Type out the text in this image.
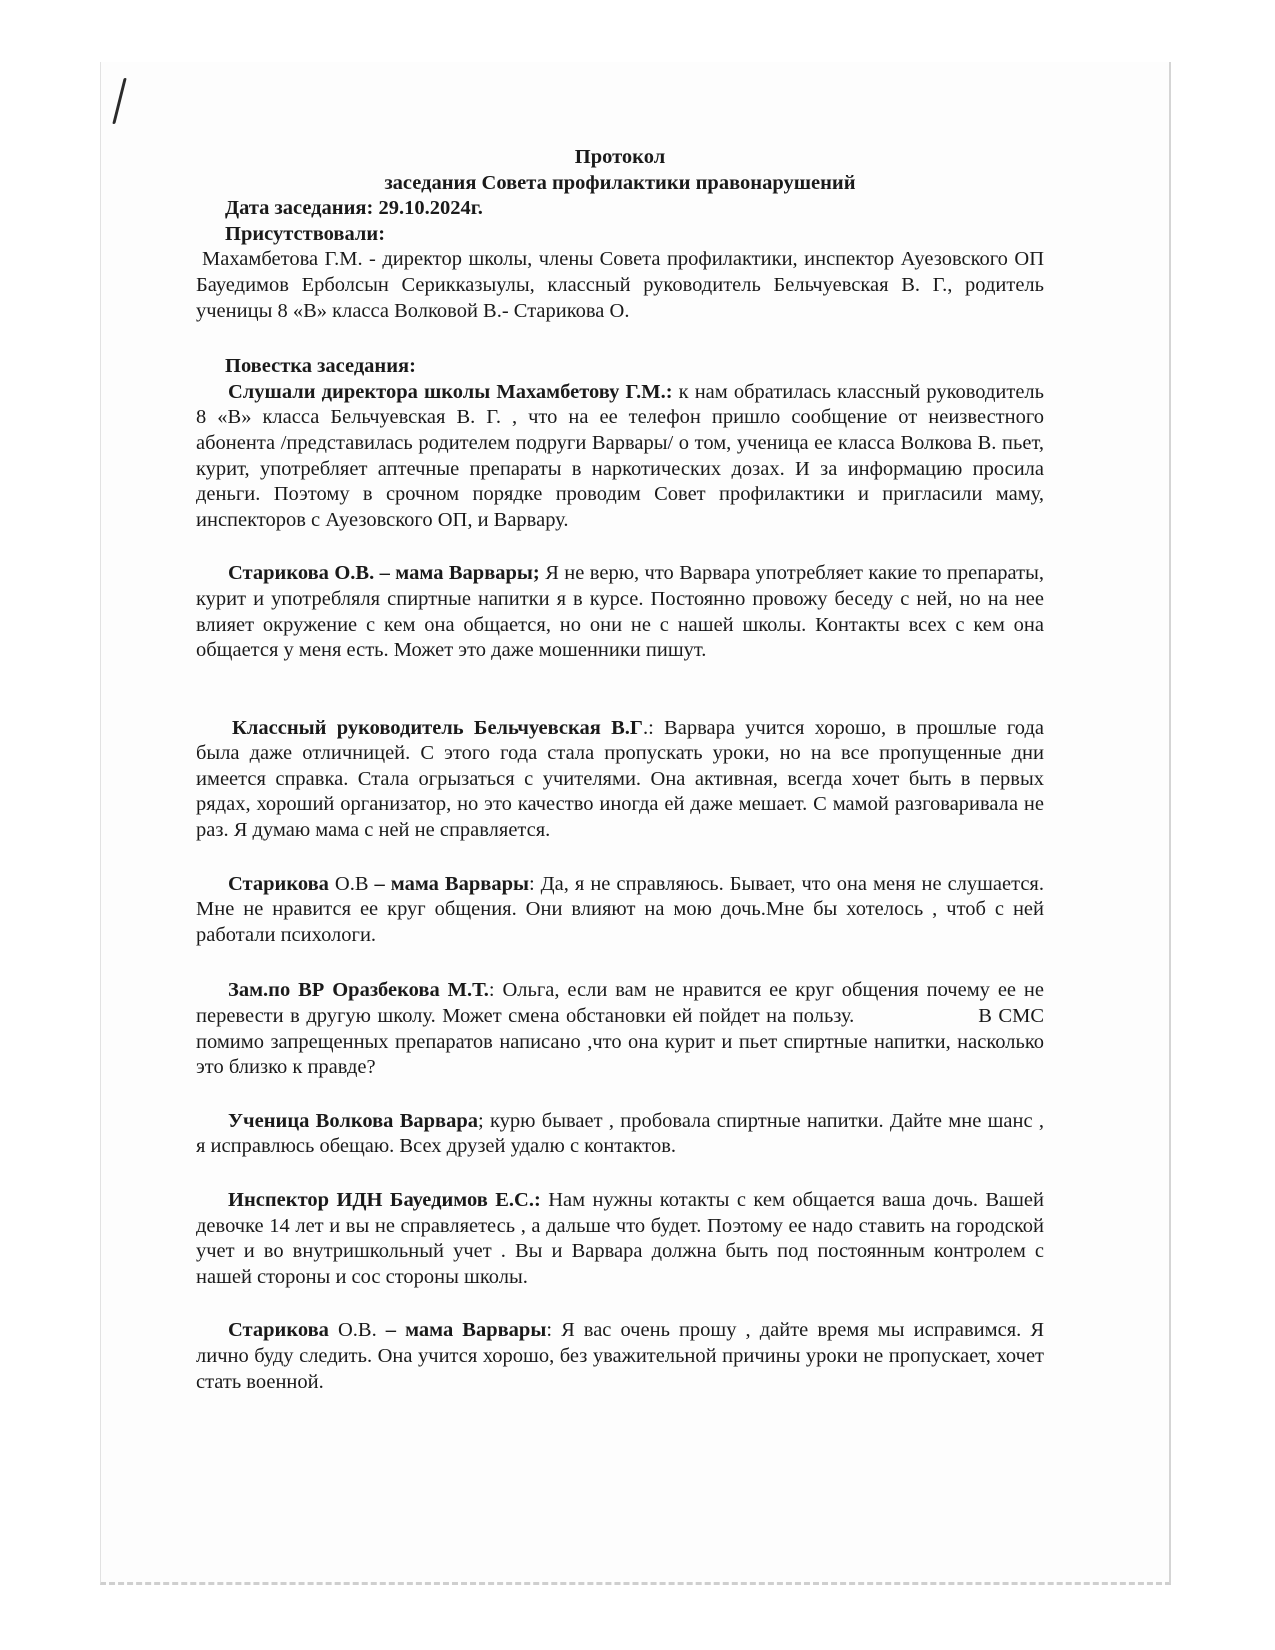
Протокол
заседания Совета профилактики правонарушений
Дата заседания: 29.10.2024г.
Присутствовали:
Махамбетова Г.М. - директор школы, члены Совета профилактики, инспектор Ауезовского ОП Бауедимов Ерболсын Серикказыулы, классный руководитель Бельчуевская В. Г., родитель ученицы 8 «В» класса Волковой В.- Старикова О.
Повестка заседания:
Слушали директора школы Махамбетову Г.М.: к нам обратилась классный руководитель 8 «В» класса Бельчуевская В. Г. , что на ее телефон пришло сообщение от неизвестного абонента /представилась родителем подруги Варвары/ о том, ученица ее класса Волкова В. пьет, курит, употребляет аптечные препараты в наркотических дозах. И за информацию просила деньги. Поэтому в срочном порядке проводим Совет профилактики и пригласили маму, инспекторов с Ауезовского ОП, и Варвару.
Старикова О.В. – мама Варвары; Я не верю, что Варвара употребляет какие то препараты, курит и употребляля спиртные напитки я в курсе. Постоянно провожу беседу с ней, но на нее влияет окружение с кем она общается, но они не с нашей школы. Контакты всех с кем она общается у меня есть. Может это даже мошенники пишут.
Классный руководитель Бельчуевская В.Г.: Варвара учится хорошо, в прошлые года была даже отличницей. С этого года стала пропускать уроки, но на все пропущенные дни имеется справка. Стала огрызаться с учителями. Она активная, всегда хочет быть в первых рядах, хороший организатор, но это качество иногда ей даже мешает. С мамой разговаривала не раз. Я думаю мама с ней не справляется.
Старикова О.В – мама Варвары: Да, я не справляюсь. Бывает, что она меня не слушается. Мне не нравится ее круг общения. Они влияют на мою дочь.Мне бы хотелось , чтоб с ней работали психологи.
Зам.по ВР Оразбекова М.Т.: Ольга, если вам не нравится ее круг общения почему ее не перевести в другую школу. Может смена обстановки ей пойдет на пользу.                   В СМС помимо запрещенных препаратов написано ,что она курит и пьет спиртные напитки, насколько это близко к правде?
Ученица Волкова Варвара; курю бывает , пробовала спиртные напитки. Дайте мне шанс , я исправлюсь обещаю. Всех друзей удалю с контактов.
Инспектор ИДН Бауедимов Е.С.: Нам нужны котакты с кем общается ваша дочь. Вашей девочке 14 лет и вы не справляетесь , а дальше что будет. Поэтому ее надо ставить на городской учет и во внутришкольный учет . Вы и Варвара должна быть под постоянным контролем с нашей стороны и сос стороны школы.
Старикова О.В. – мама Варвары: Я вас очень прошу , дайте время мы исправимся. Я лично буду следить. Она учится хорошо, без уважительной причины уроки не пропускает, хочет стать военной.
